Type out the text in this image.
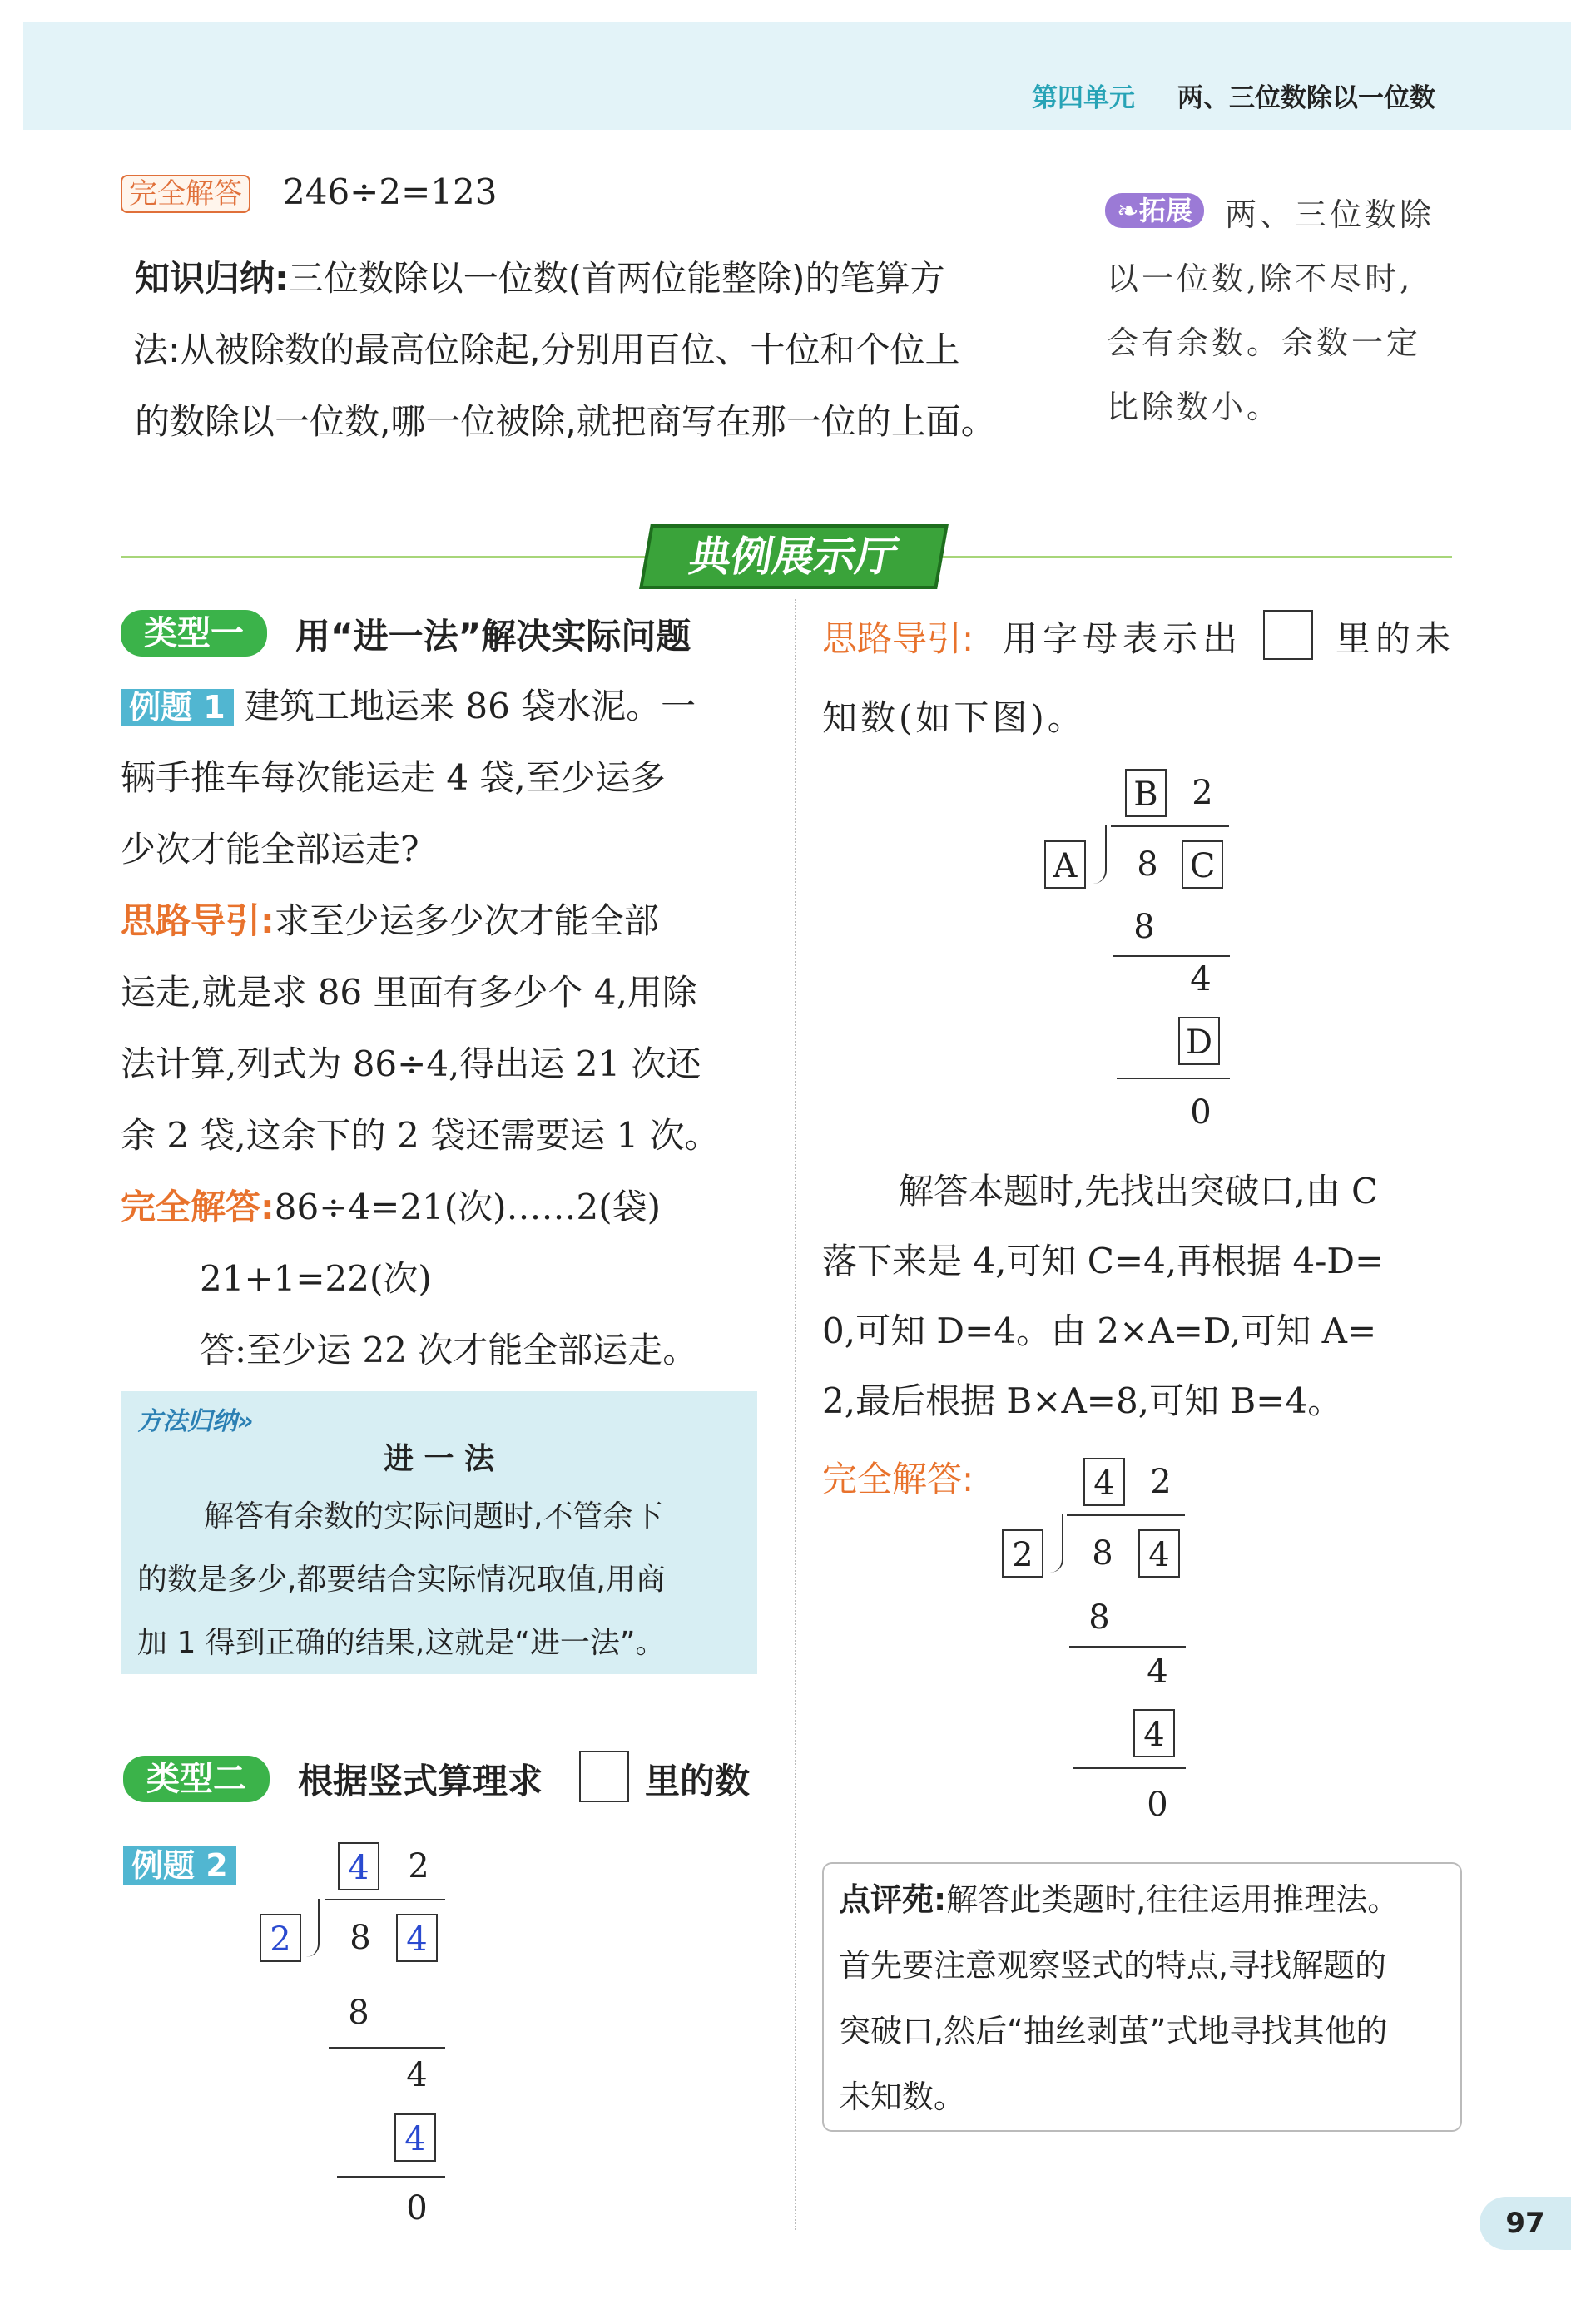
第四单元 两、三位数除以一位数
完全解答 246÷2=123
知识归纳:三位数除以一位数(首两位能整除)的笔算方
法:从被除数的最高位除起,分别用百位、十位和个位上
的数除以一位数,哪一位被除,就把商写在那一位的上面。
❧拓展	两、三位数除以一位数,除不尽时,会有余数。余数一定比除数小。
典例展示厅
类型一	用“进一法”解决实际问题
例题 1 建筑工地运来 86 袋水泥。一
辆手推车每次能运走 4 袋,至少运多
少次才能全部运走?
思路导引:求至少运多少次才能全部
运走,就是求 86 里面有多少个 4,用除
法计算,列式为 86÷4,得出运 21 次还
余 2 袋,这余下的 2 袋还需要运 1 次。
完全解答:86÷4=21(次)……2(袋)
21+1=22(次)
答:至少运 22 次才能全部运走。
方法归纳»
进 一 法
解答有余数的实际问题时,不管余下
的数是多少,都要结合实际情况取值,用商
加 1 得到正确的结果,这就是“进一法”。
类型二	根据竖式算理求	里的数
例题 2	4	2
2	8	4
8
4
4
0
思路导引: 用字母表示出	里的未
知数(如下图)。
B	2
A	8 C
8
4
D
0
解答本题时,先找出突破口,由 C
落下来是 4,可知 C=4,再根据 4-D=
0,可知 D=4。由 2×A=D,可知 A=
2,最后根据 B×A=8,可知 B=4。
完全解答:	4	2
2	8	4
8
4
4
0
点评苑:解答此类题时,往往运用推理法。
首先要注意观察竖式的特点,寻找解题的
突破口,然后“抽丝剥茧”式地寻找其他的
未知数。
97
